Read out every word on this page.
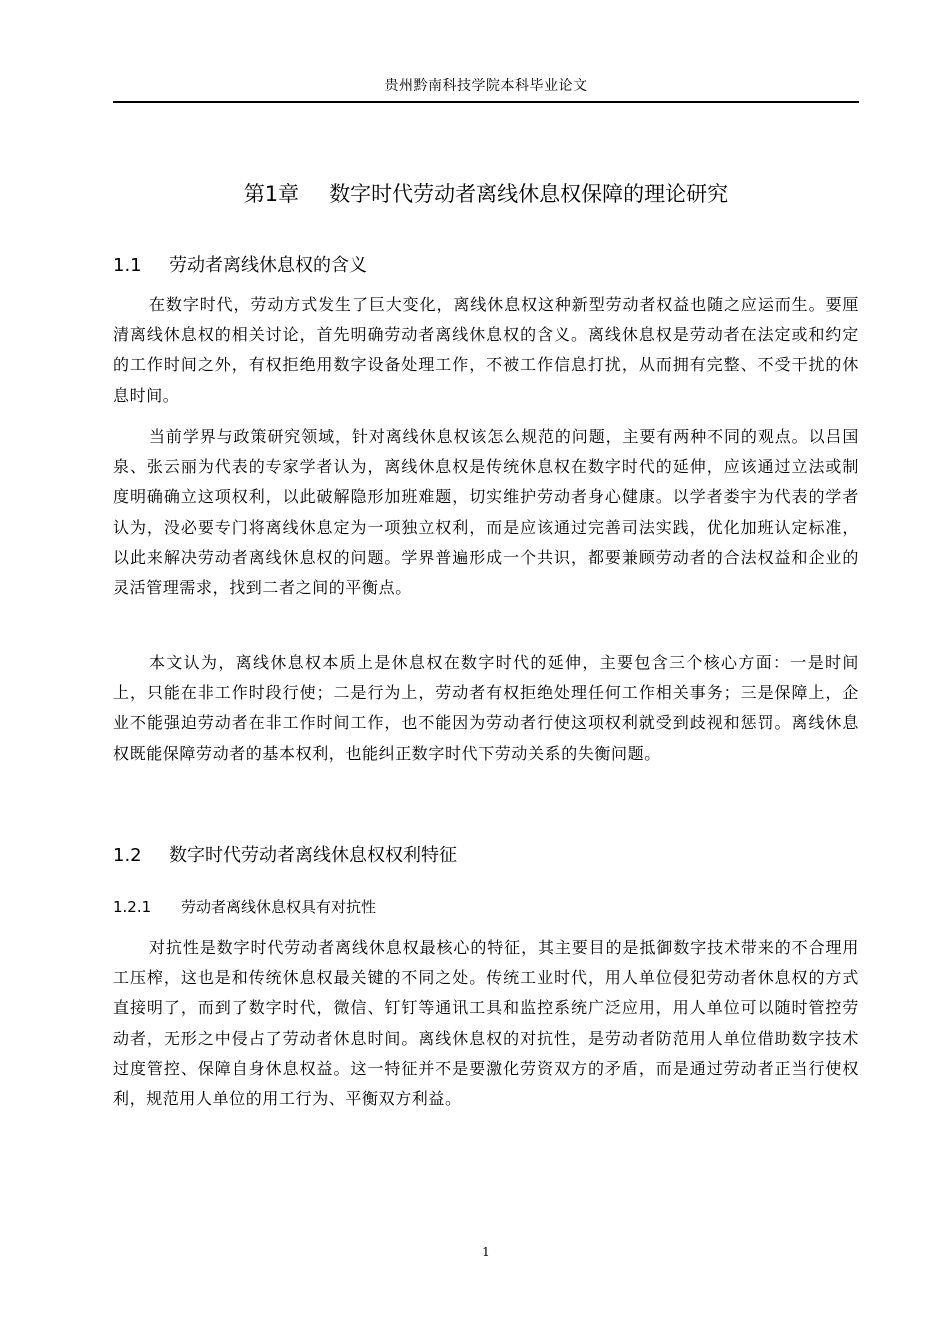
贵州黔南科技学院本科毕业论文
第1章 数字时代劳动者离线休息权保障的理论研究
1.1 劳动者离线休息权的含义

在数字时代，劳动方式发生了巨大变化，离线休息权这种新型劳动者权益也随之应运而生。要厘清离线休息权的相关讨论，首先明确劳动者离线休息权的含义。离线休息权是劳动者在法定或和约定的工作时间之外，有权拒绝用数字设备处理工作，不被工作信息打扰，从而拥有完整、不受干扰的休息时间。

当前学界与政策研究领域，针对离线休息权该怎么规范的问题，主要有两种不同的观点。以吕国泉、张云丽为代表的专家学者认为，离线休息权是传统休息权在数字时代的延伸，应该通过立法或制度明确确立这项权利，以此破解隐形加班难题，切实维护劳动者身心健康。以学者娄宇为代表的学者认为，没必要专门将离线休息定为一项独立权利，而是应该通过完善司法实践，优化加班认定标准，以此来解决劳动者离线休息权的问题。学界普遍形成一个共识，都要兼顾劳动者的合法权益和企业的灵活管理需求，找到二者之间的平衡点。

本文认为，离线休息权本质上是休息权在数字时代的延伸，主要包含三个核心方面：一是时间上，只能在非工作时段行使；二是行为上，劳动者有权拒绝处理任何工作相关事务；三是保障上，企业不能强迫劳动者在非工作时间工作，也不能因为劳动者行使这项权利就受到歧视和惩罚。离线休息权既能保障劳动者的基本权利，也能纠正数字时代下劳动关系的失衡问题。

1.2 数字时代劳动者离线休息权权利特征
1.2.1 劳动者离线休息权具有对抗性

对抗性是数字时代劳动者离线休息权最核心的特征，其主要目的是抵御数字技术带来的不合理用工压榨，这也是和传统休息权最关键的不同之处。传统工业时代，用人单位侵犯劳动者休息权的方式直接明了，而到了数字时代，微信、钉钉等通讯工具和监控系统广泛应用，用人单位可以随时管控劳动者，无形之中侵占了劳动者休息时间。离线休息权的对抗性，是劳动者防范用人单位借助数字技术过度管控、保障自身休息权益。这一特征并不是要激化劳资双方的矛盾，而是通过劳动者正当行使权利，规范用人单位的用工行为、平衡双方利益。

1
